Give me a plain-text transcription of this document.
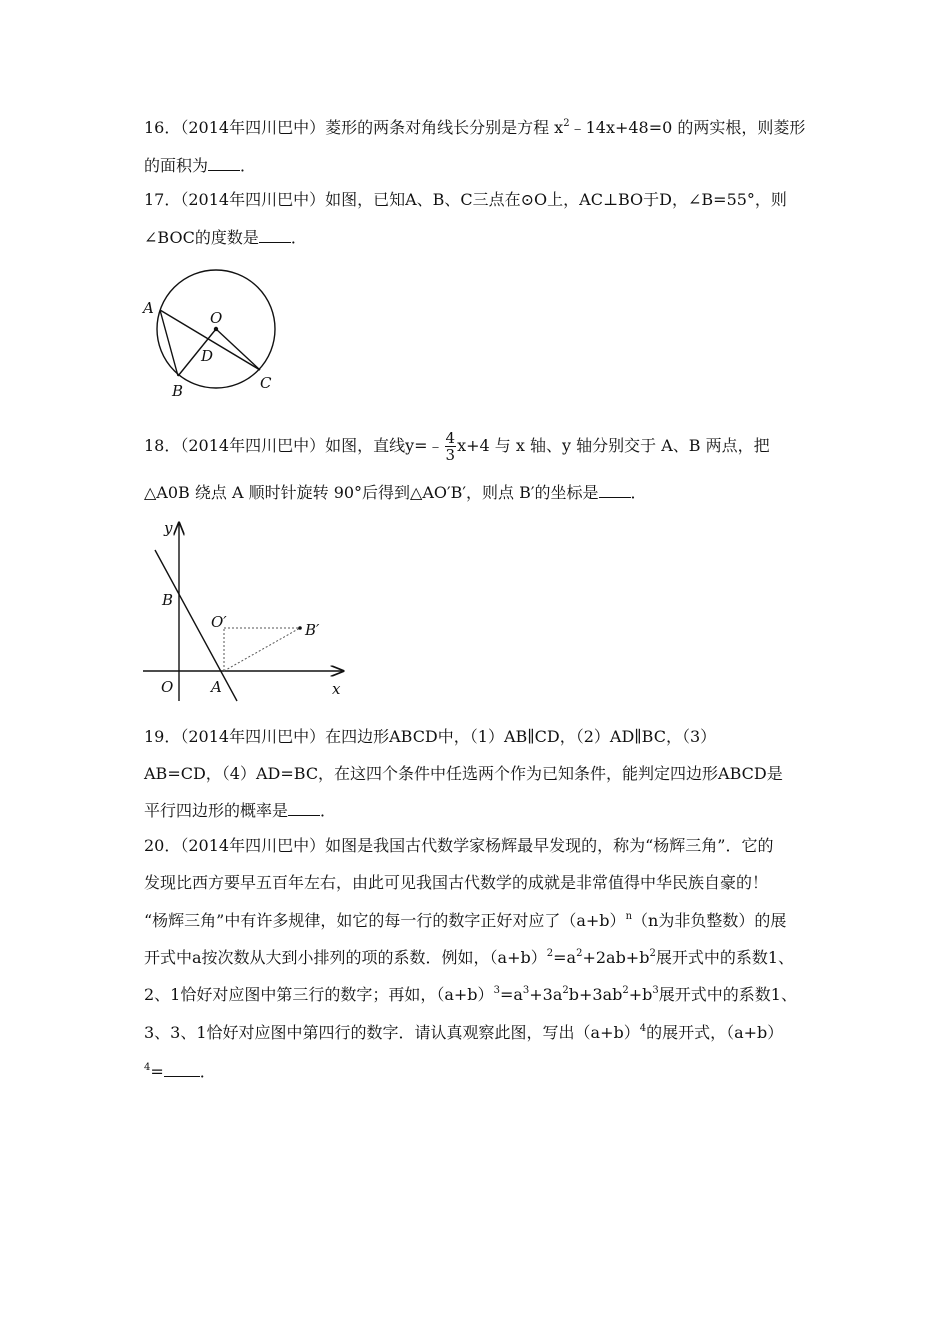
16．（2014年四川巴中）菱形的两条对角线长分别是方程 $x^2﹣14x+48=0$ 的两实根，则菱形
的面积为 ．
17．（2014年四川巴中）如图，已知A、B、C三点在⊙O上，AC⊥BO于D，∠B=55°，则
∠BOC的度数是 ．
A
O
D
B	C
18．（2014年四川巴中）如图，直线y=﹣ $\frac{4}{3} x+4$ 与 x 轴、y 轴分别交于 A、B 两点，把
△A0B 绕点 A 顺时针旋转 90°后得到△AO′B′，则点 B′的坐标是 ．
y
x
B
O	A
O′	B′
19．（2014年四川巴中）在四边形ABCD中，（1）AB∥CD，（2）AD∥BC，（3）
AB=CD，（4）AD=BC，在这四个条件中任选两个作为已知条件，能判定四边形ABCD是
平行四边形的概率是 ．
20．（2014年四川巴中）如图是我国古代数学家杨辉最早发现的，称为“杨辉三角”．它的
发现比西方要早五百年左右，由此可见我国古代数学的成就是非常值得中华民族自豪的！
“杨辉三角”中有许多规律，如它的每一行的数字正好对应了$(a+b)^n(n$为非负整数）的展
开式中a按次数从大到小排列的项的系数．例如，$(a+b)^2=a^2+2ab+b^2$展开式中的系数1、
2、1恰好对应图中第三行的数字；再如，$(a+b)^3=a^3+3a^2b+3ab^2+b^3$展开式中的系数1、
3、3、1恰好对应图中第四行的数字．请认真观察此图，写出$(a+b)^4$的展开式，（a+b）
$^4$= ．
